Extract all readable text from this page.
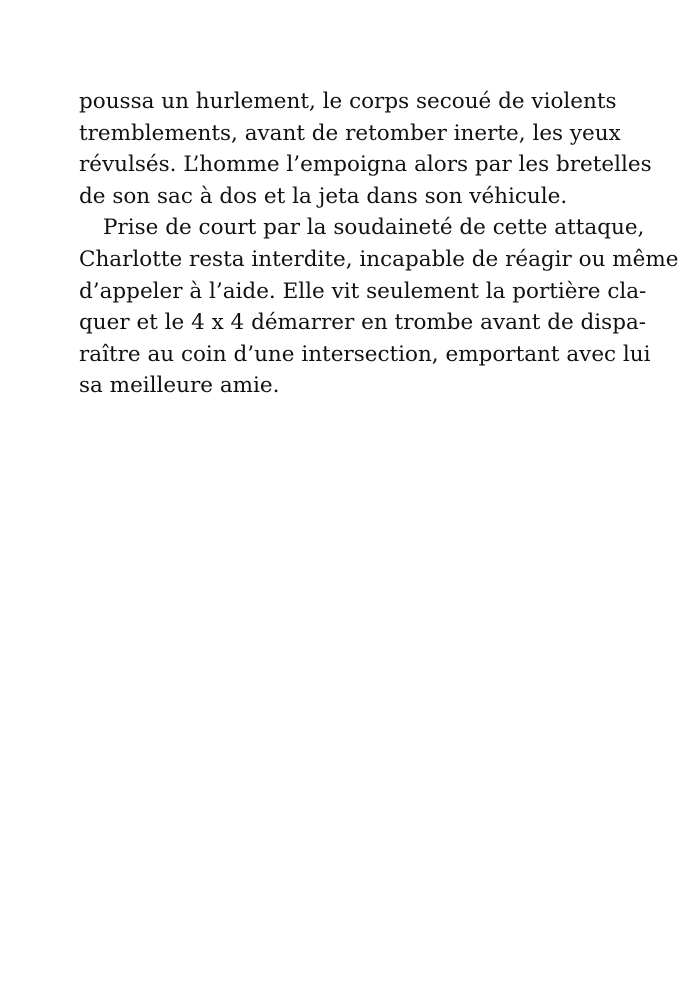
poussa un hurlement, le corps secoué de violents
tremblements, avant de retomber inerte, les yeux
révulsés. L’homme l’empoigna alors par les bretelles
de son sac à dos et la jeta dans son véhicule.
Prise de court par la soudaineté de cette attaque,
Charlotte resta interdite, incapable de réagir ou même
d’appeler à l’aide. Elle vit seulement la portière cla-
quer et le 4 x 4 démarrer en trombe avant de dispa-
raître au coin d’une intersection, emportant avec lui
sa meilleure amie.
